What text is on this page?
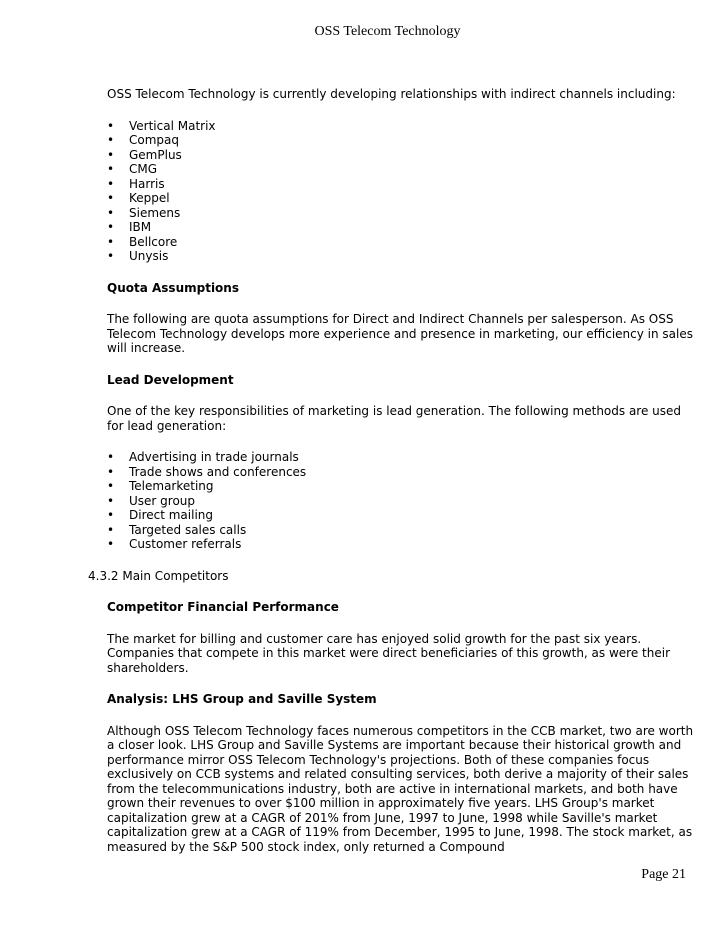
OSS Telecom Technology

OSS Telecom Technology is currently developing relationships with indirect channels including:

• Vertical Matrix
• Compaq
• GemPlus
• CMG
• Harris
• Keppel
• Siemens
• IBM
• Bellcore
• Unysis

Quota Assumptions

The following are quota assumptions for Direct and Indirect Channels per salesperson. As OSS Telecom Technology develops more experience and presence in marketing, our efficiency in sales will increase.

Lead Development

One of the key responsibilities of marketing is lead generation. The following methods are used for lead generation:

• Advertising in trade journals
• Trade shows and conferences
• Telemarketing
• User group
• Direct mailing
• Targeted sales calls
• Customer referrals

4.3.2 Main Competitors

Competitor Financial Performance

The market for billing and customer care has enjoyed solid growth for the past six years. Companies that compete in this market were direct beneficiaries of this growth, as were their shareholders.

Analysis: LHS Group and Saville System

Although OSS Telecom Technology faces numerous competitors in the CCB market, two are worth a closer look. LHS Group and Saville Systems are important because their historical growth and performance mirror OSS Telecom Technology's projections. Both of these companies focus exclusively on CCB systems and related consulting services, both derive a majority of their sales from the telecommunications industry, both are active in international markets, and both have grown their revenues to over $100 million in approximately five years. LHS Group's market capitalization grew at a CAGR of 201% from June, 1997 to June, 1998 while Saville's market capitalization grew at a CAGR of 119% from December, 1995 to June, 1998. The stock market, as measured by the S&P 500 stock index, only returned a Compound

Page 21
